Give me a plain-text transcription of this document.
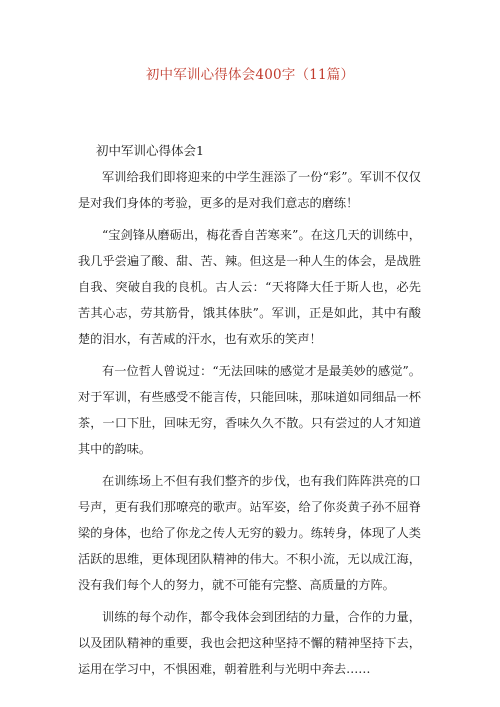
初中军训心得体会400字（11篇）
初中军训心得体会1

军训给我们即将迎来的中学生涯添了一份“彩”。军训不仅仅是对我们身体的考验，更多的是对我们意志的磨练！

“宝剑锋从磨砺出，梅花香自苦寒来”。在这几天的训练中，我几乎尝遍了酸、甜、苦、辣。但这是一种人生的体会，是战胜自我、突破自我的良机。古人云：“天将降大任于斯人也，必先苦其心志，劳其筋骨，饿其体肤”。军训，正是如此，其中有酸楚的泪水，有苦咸的汗水，也有欢乐的笑声！

有一位哲人曾说过：“无法回味的感觉才是最美妙的感觉”。对于军训，有些感受不能言传，只能回味，那味道如同细品一杯茶，一口下肚，回味无穷，香味久久不散。只有尝过的人才知道其中的韵味。

在训练场上不但有我们整齐的步伐，也有我们阵阵洪亮的口号声，更有我们那嘹亮的歌声。站军姿，给了你炎黄子孙不屈脊梁的身体，也给了你龙之传人无穷的毅力。练转身，体现了人类活跃的思维，更体现团队精神的伟大。不积小流，无以成江海，没有我们每个人的努力，就不可能有完整、高质量的方阵。

训练的每个动作，都令我体会到团结的力量，合作的力量，以及团队精神的重要，我也会把这种坚持不懈的精神坚持下去，运用在学习中，不惧困难，朝着胜利与光明中奔去……
